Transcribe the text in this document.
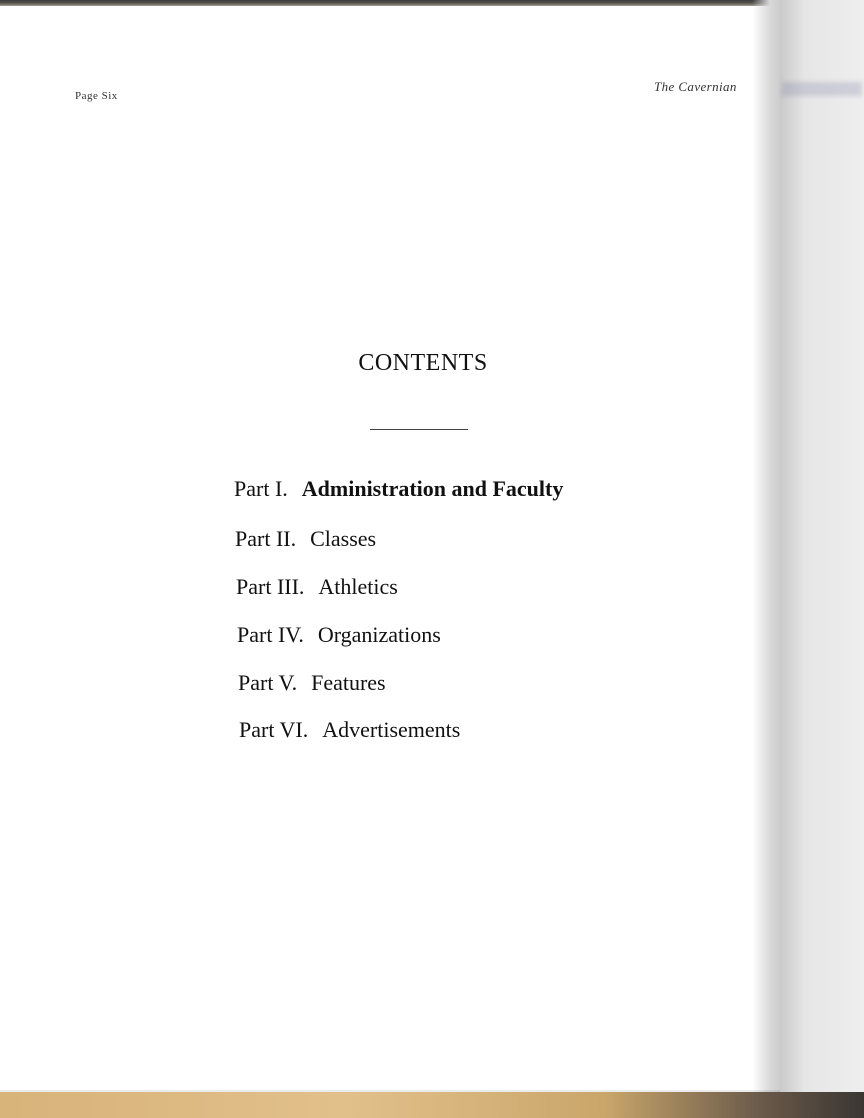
Page Six
The Cavernian
CONTENTS
Part I. Administration and Faculty
Part II. Classes
Part III. Athletics
Part IV. Organizations
Part V. Features
Part VI. Advertisements
